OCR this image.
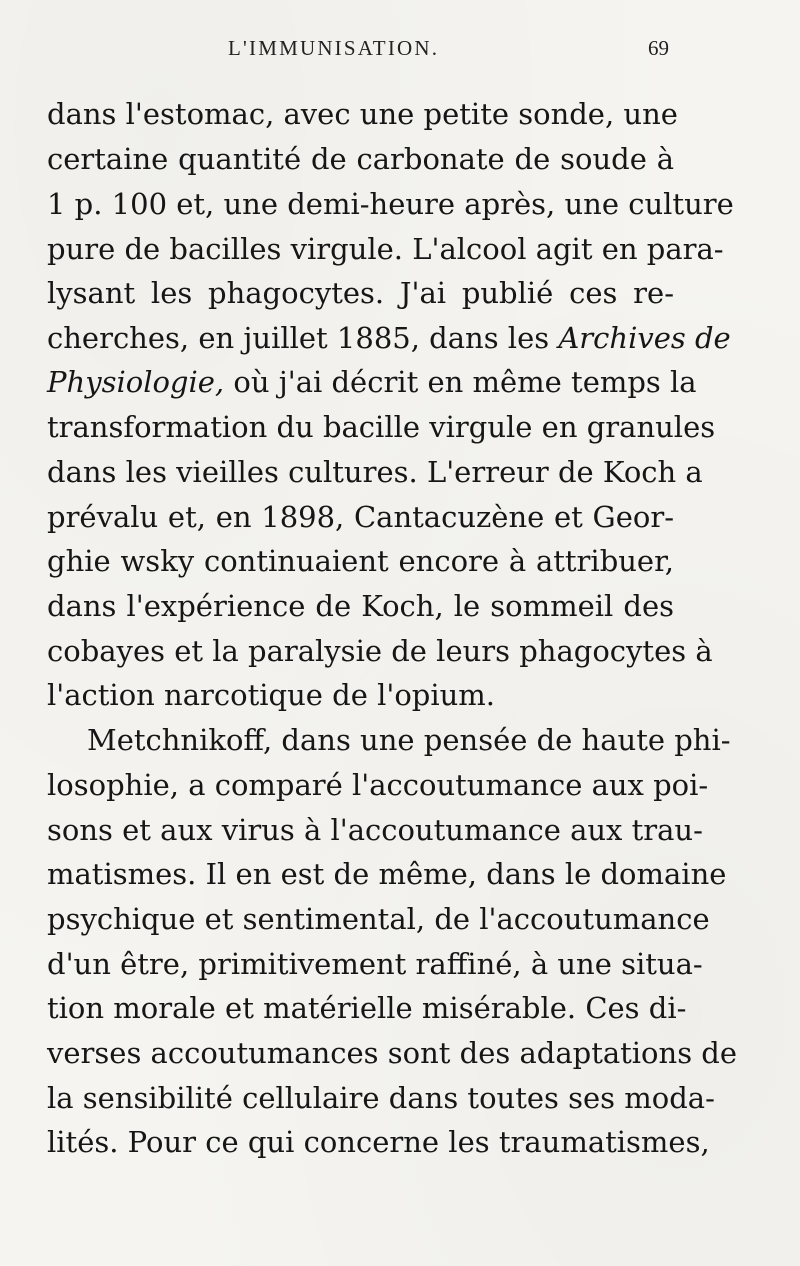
L'IMMUNISATION.	69
dans l'estomac, avec une petite sonde, une
certaine quantité de carbonate de soude à
1 p. 100 et, une demi-heure après, une culture
pure de bacilles virgule. L'alcool agit en para-
lysant les phagocytes. J'ai publié ces re-
cherches, en juillet 1885, dans les Archives de
Physiologie, où j'ai décrit en même temps la
transformation du bacille virgule en granules
dans les vieilles cultures. L'erreur de Koch a
prévalu et, en 1898, Cantacuzène et Geor-
ghie wsky continuaient encore à attribuer,
dans l'expérience de Koch, le sommeil des
cobayes et la paralysie de leurs phagocytes à
l'action narcotique de l'opium.
Metchnikoff, dans une pensée de haute phi-
losophie, a comparé l'accoutumance aux poi-
sons et aux virus à l'accoutumance aux trau-
matismes. Il en est de même, dans le domaine
psychique et sentimental, de l'accoutumance
d'un être, primitivement raffiné, à une situa-
tion morale et matérielle misérable. Ces di-
verses accoutumances sont des adaptations de
la sensibilité cellulaire dans toutes ses moda-
lités. Pour ce qui concerne les traumatismes,
